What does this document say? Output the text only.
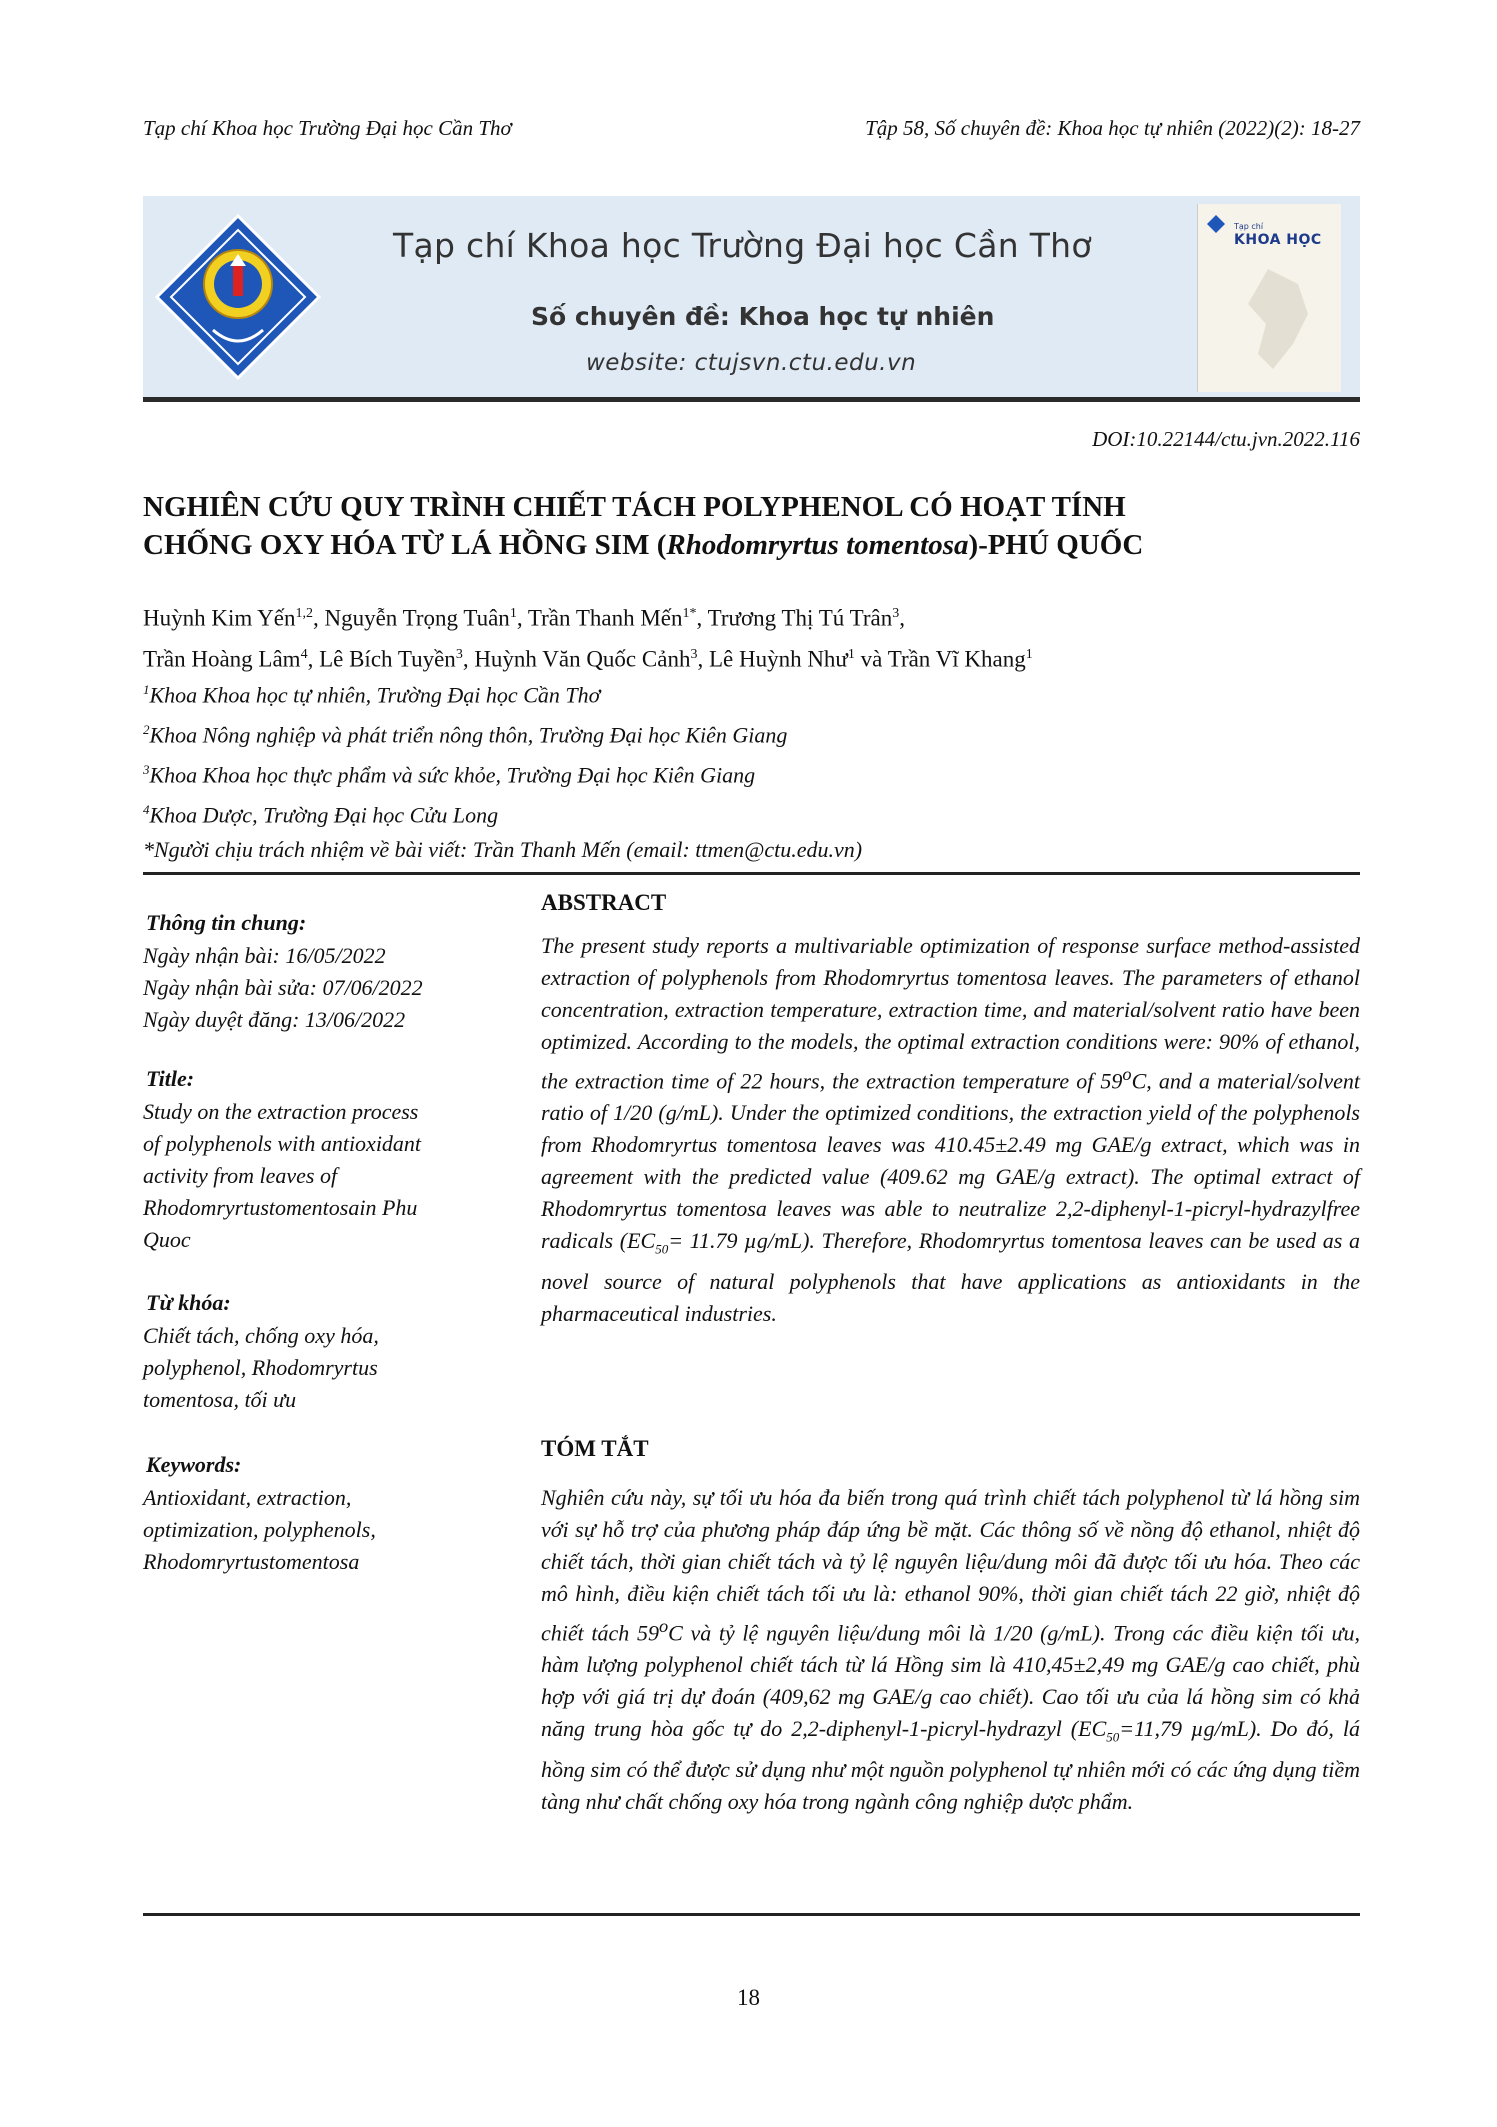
Tạp chí Khoa học Trường Đại học Cần Thơ	Tập 58, Số chuyên đề: Khoa học tự nhiên (2022)(2): 18-27
Tạp chí Khoa học Trường Đại học Cần Thơ
Số chuyên đề: Khoa học tự nhiên
website: ctujsvn.ctu.edu.vn
Tạp chí
KHOA HỌC
DOI:10.22144/ctu.jvn.2022.116
NGHIÊN CỨU QUY TRÌNH CHIẾT TÁCH POLYPHENOL CÓ HOẠT TÍNH
CHỐNG OXY HÓA TỪ LÁ HỒNG SIM (Rhodomryrtus tomentosa)-PHÚ QUỐC
Huỳnh Kim Yến$^{1,2}$, Nguyễn Trọng Tuân$^1$, Trần Thanh Mến$^{1*}$, Trương Thị Tú Trân$^3$,
Trần Hoàng Lâm$^4$, Lê Bích Tuyền$^3$, Huỳnh Văn Quốc Cảnh$^3$, Lê Huỳnh Như$^1$ và Trần Vĩ Khang$^1$
$^1$Khoa Khoa học tự nhiên, Trường Đại học Cần Thơ
$^2$Khoa Nông nghiệp và phát triển nông thôn, Trường Đại học Kiên Giang
$^3$Khoa Khoa học thực phẩm và sức khỏe, Trường Đại học Kiên Giang
$^4$Khoa Dược, Trường Đại học Cửu Long
*Người chịu trách nhiệm về bài viết: Trần Thanh Mến (email: ttmen@ctu.edu.vn)
Thông tin chung:
Ngày nhận bài: 16/05/2022
Ngày nhận bài sửa: 07/06/2022
Ngày duyệt đăng: 13/06/2022
Title:
Study on the extraction process
of polyphenols with antioxidant
activity from leaves of
Rhodomryrtustomentosain Phu
Quoc
Từ khóa:
Chiết tách, chống oxy hóa,
polyphenol, Rhodomryrtus
tomentosa, tối ưu
Keywords:
Antioxidant, extraction,
optimization, polyphenols,
Rhodomryrtustomentosa
ABSTRACT
The present study reports a multivariable optimization of response surface method-assisted extraction of polyphenols from Rhodomryrtus tomentosa leaves. The parameters of ethanol concentration, extraction temperature, extraction time, and material/solvent ratio have been optimized. According to the models, the optimal extraction conditions were: 90% of ethanol, the extraction time of 22 hours, the extraction temperature of 59$^o$C, and a material/solvent ratio of 1/20 (g/mL). Under the optimized conditions, the extraction yield of the polyphenols from Rhodomryrtus tomentosa leaves was 410.45±2.49 mg GAE/g extract, which was in agreement with the predicted value (409.62 mg GAE/g extract). The optimal extract of Rhodomryrtus tomentosa leaves was able to neutralize 2,2-diphenyl-1-picryl-hydrazylfree radicals ($EC_{50}= 11.79$ µg/mL). Therefore, Rhodomryrtus tomentosa leaves can be used as a novel source of natural polyphenols that have applications as antioxidants in the pharmaceutical industries.
TÓM TẮT
Nghiên cứu này, sự tối ưu hóa đa biến trong quá trình chiết tách polyphenol từ lá hồng sim với sự hỗ trợ của phương pháp đáp ứng bề mặt. Các thông số về nồng độ ethanol, nhiệt độ chiết tách, thời gian chiết tách và tỷ lệ nguyên liệu/dung môi đã được tối ưu hóa. Theo các mô hình, điều kiện chiết tách tối ưu là: ethanol 90%, thời gian chiết tách 22 giờ, nhiệt độ chiết tách 59$^o$C và tỷ lệ nguyên liệu/dung môi là 1/20 (g/mL). Trong các điều kiện tối ưu, hàm lượng polyphenol chiết tách từ lá Hồng sim là 410,45±2,49 mg GAE/g cao chiết, phù hợp với giá trị dự đoán (409,62 mg GAE/g cao chiết). Cao tối ưu của lá hồng sim có khả năng trung hòa gốc tự do 2,2-diphenyl-1-picryl-hydrazyl ($EC_{50}=11,79$ µg/mL). Do đó, lá hồng sim có thể được sử dụng như một nguồn polyphenol tự nhiên mới có các ứng dụng tiềm tàng như chất chống oxy hóa trong ngành công nghiệp dược phẩm.
18
